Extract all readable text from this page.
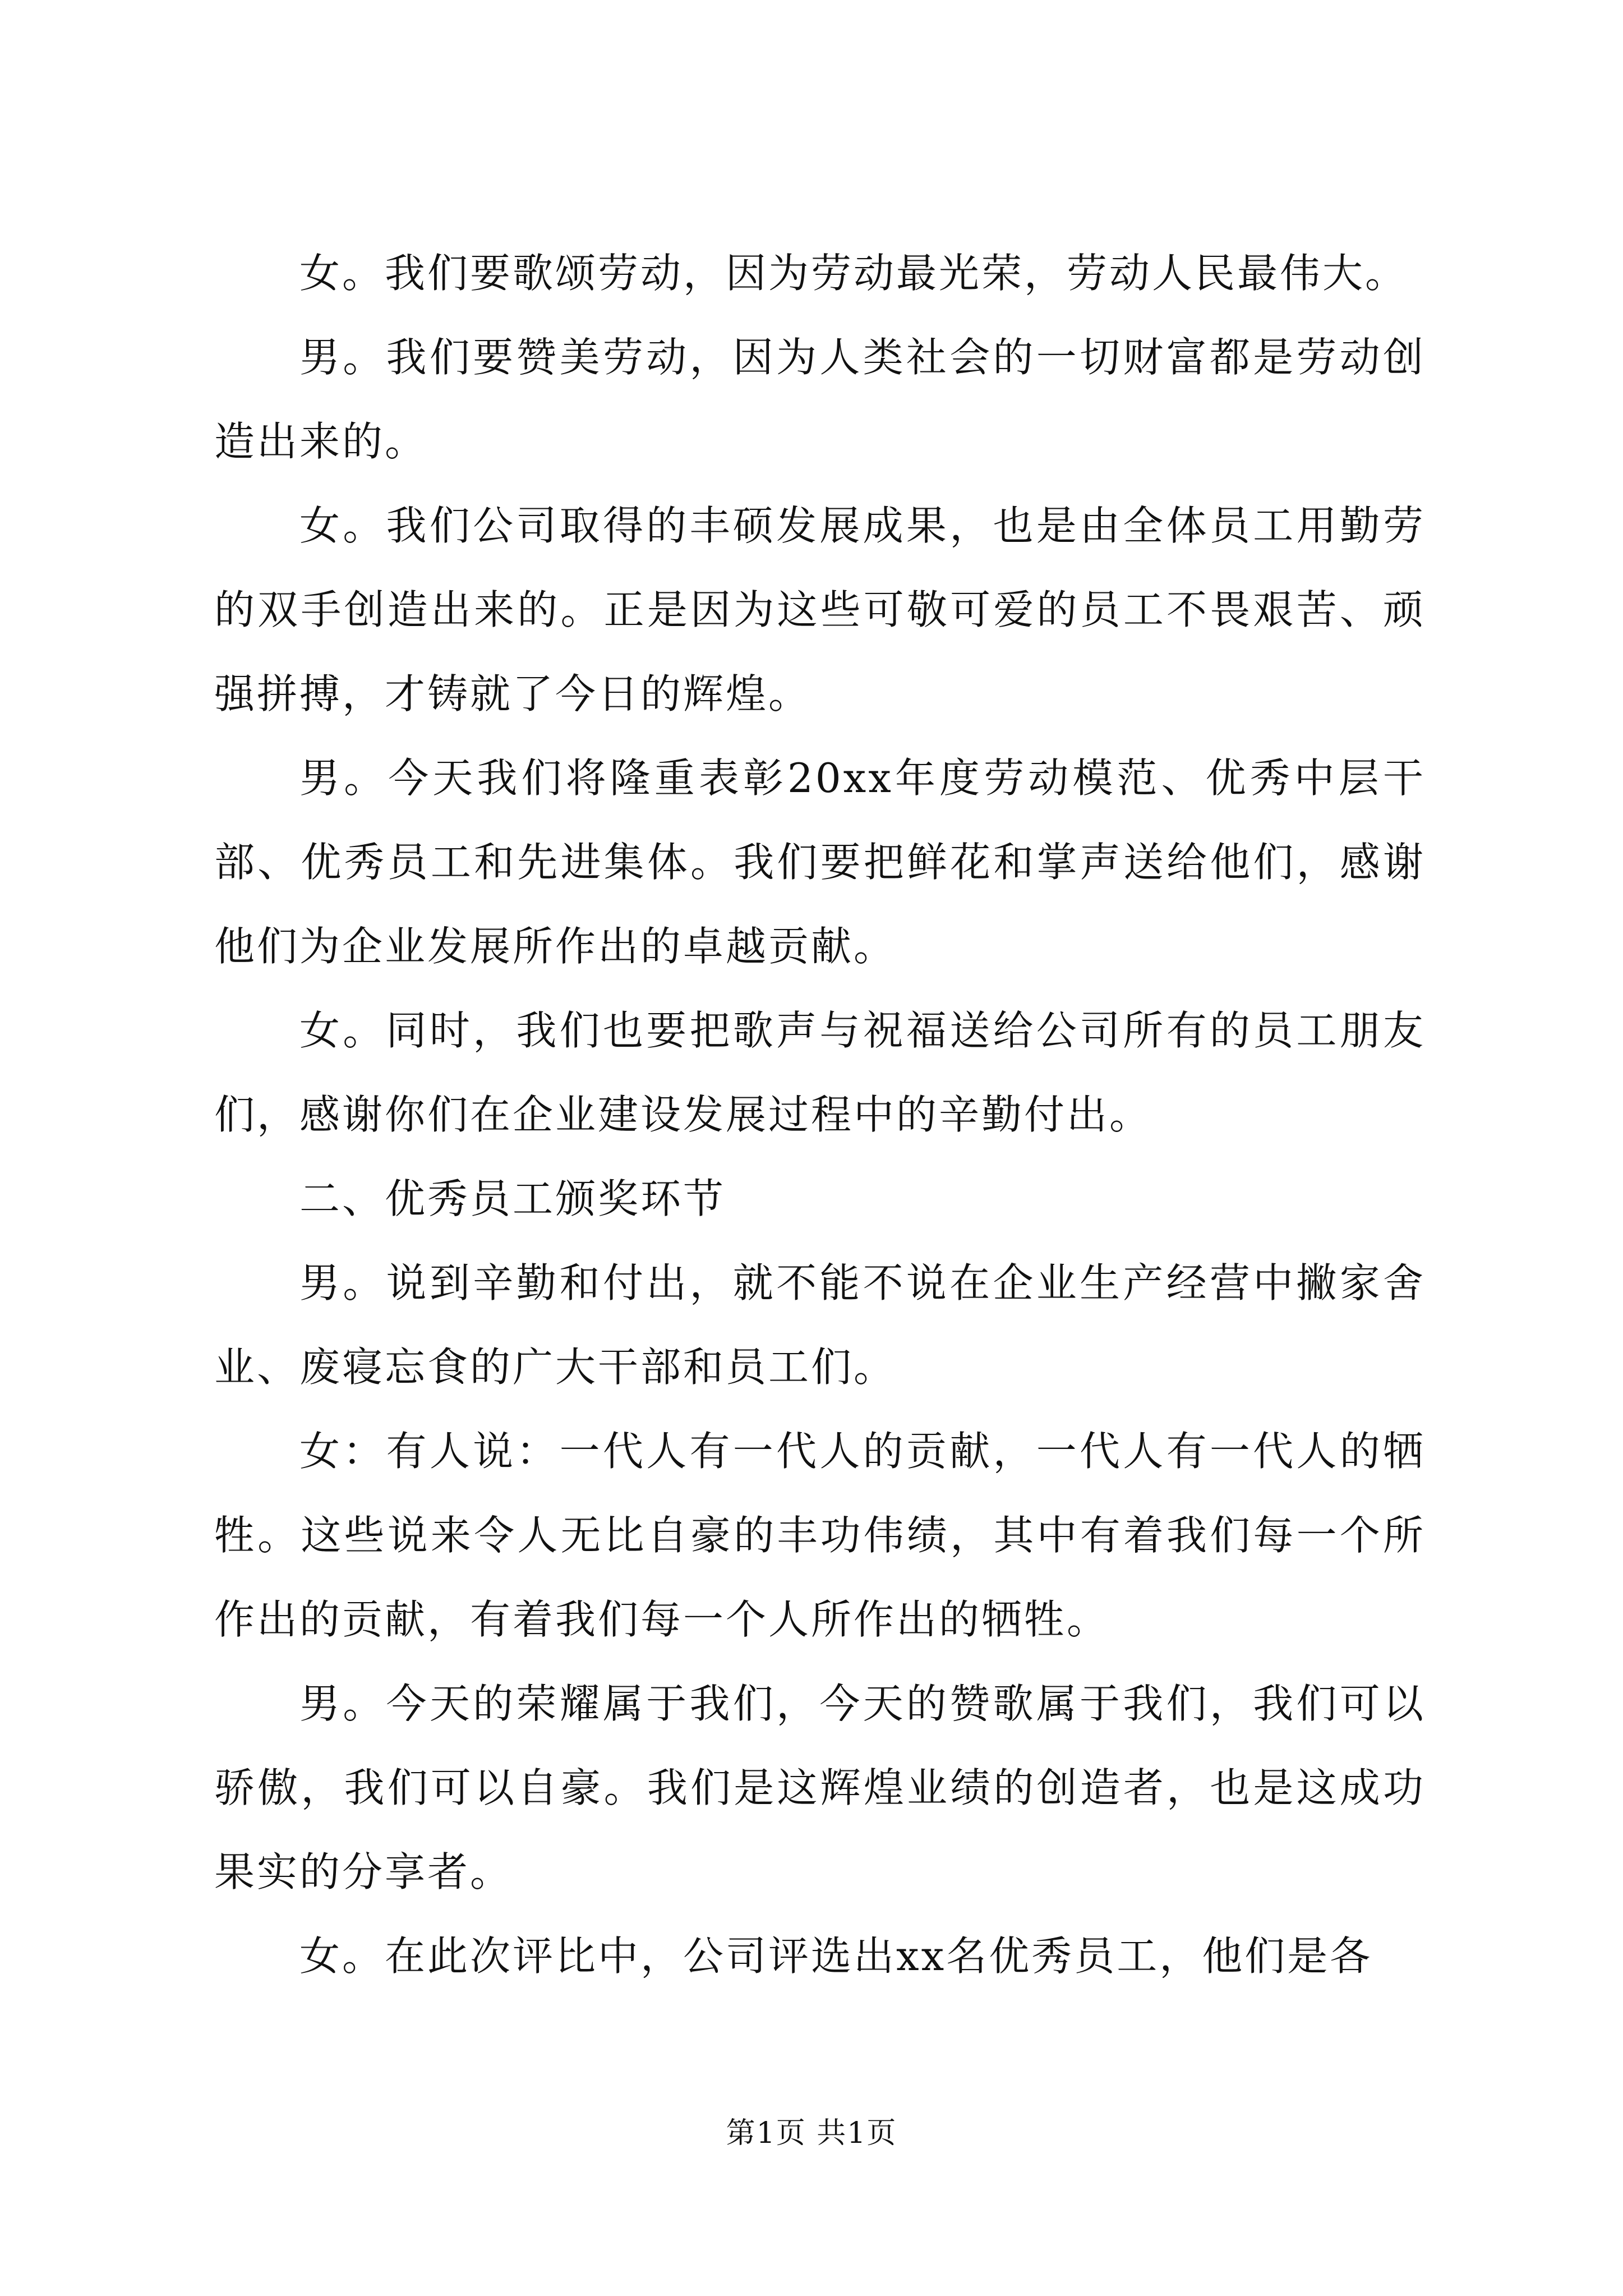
女。我们要歌颂劳动，因为劳动最光荣，劳动人民最伟大。

男。我们要赞美劳动，因为人类社会的一切财富都是劳动创造出来的。

女。我们公司取得的丰硕发展成果，也是由全体员工用勤劳的双手创造出来的。正是因为这些可敬可爱的员工不畏艰苦、顽强拼搏，才铸就了今日的辉煌。

男。今天我们将隆重表彰20xx年度劳动模范、优秀中层干部、优秀员工和先进集体。我们要把鲜花和掌声送给他们，感谢他们为企业发展所作出的卓越贡献。

女。同时，我们也要把歌声与祝福送给公司所有的员工朋友们，感谢你们在企业建设发展过程中的辛勤付出。

二、优秀员工颁奖环节

男。说到辛勤和付出，就不能不说在企业生产经营中撇家舍业、废寝忘食的广大干部和员工们。

女：有人说：一代人有一代人的贡献，一代人有一代人的牺牲。这些说来令人无比自豪的丰功伟绩，其中有着我们每一个所作出的贡献，有着我们每一个人所作出的牺牲。

男。今天的荣耀属于我们，今天的赞歌属于我们，我们可以骄傲，我们可以自豪。我们是这辉煌业绩的创造者，也是这成功果实的分享者。

女。在此次评比中，公司评选出xx名优秀员工，他们是各

第1页 共1页
